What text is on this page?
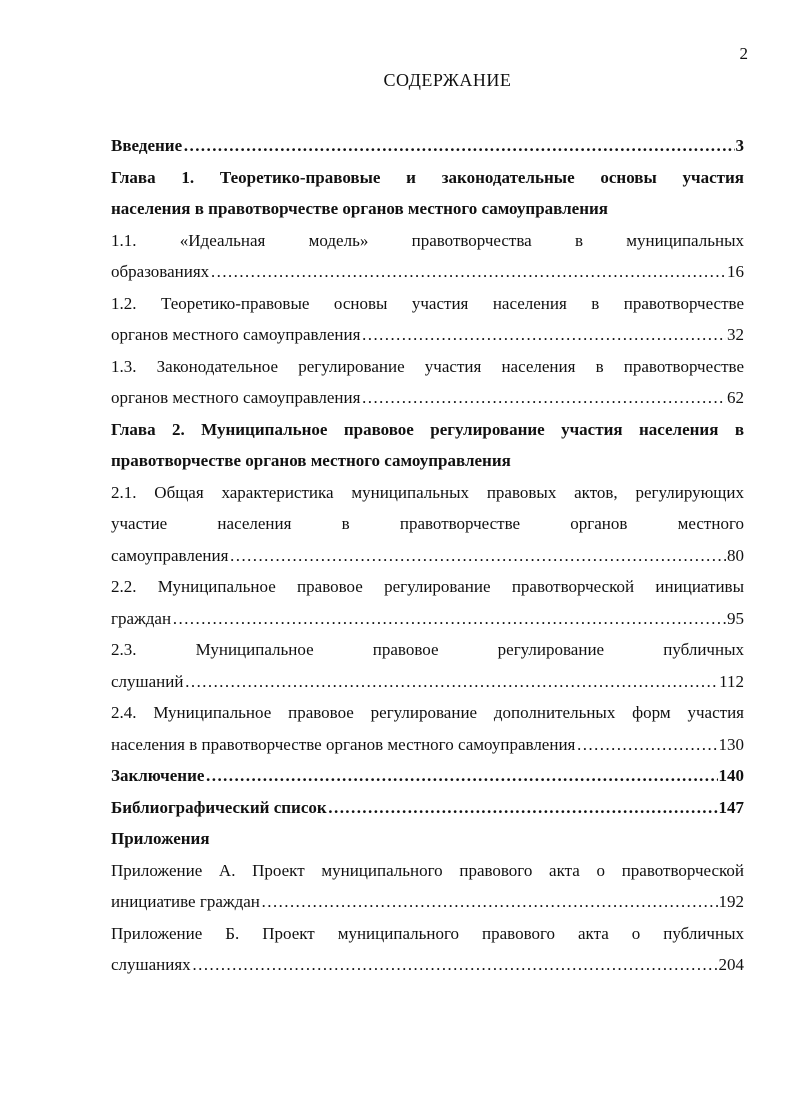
2
СОДЕРЖАНИЕ
Введение ……………………………………………………………………………………………………………………………………………………………………	3
Глава 1. Теоретико-правовые и законодательные основы участия
населения в правотворчестве органов местного самоуправления
1.1. «Идеальная модель» правотворчества в муниципальных
образованиях ……………………………………………………………………………………………………………………………………………………………………	16
1.2. Теоретико-правовые основы участия населения в правотворчестве
органов местного самоуправления ……………………………………………………………………………………………………………………………………………………………………	32
1.3. Законодательное регулирование участия населения в правотворчестве
органов местного самоуправления ……………………………………………………………………………………………………………………………………………………………………	62
Глава 2. Муниципальное правовое регулирование участия населения в
правотворчестве органов местного самоуправления
2.1. Общая характеристика муниципальных правовых актов, регулирующих
участие населения в правотворчестве органов местного
самоуправления ……………………………………………………………………………………………………………………………………………………………………	80
2.2. Муниципальное правовое регулирование правотворческой инициативы
граждан ……………………………………………………………………………………………………………………………………………………………………	95
2.3. Муниципальное правовое регулирование публичных
слушаний ……………………………………………………………………………………………………………………………………………………………………	112
2.4. Муниципальное правовое регулирование дополнительных форм участия
населения в правотворчестве органов местного самоуправления ……………………………………………………………………………………………………………………………………………………………………	130
Заключение ……………………………………………………………………………………………………………………………………………………………………	140
Библиографический список ……………………………………………………………………………………………………………………………………………………………………	147
Приложения
Приложение А. Проект муниципального правового акта о правотворческой
инициативе граждан ……………………………………………………………………………………………………………………………………………………………………	192
Приложение Б. Проект муниципального правового акта о публичных
слушаниях ……………………………………………………………………………………………………………………………………………………………………	204
